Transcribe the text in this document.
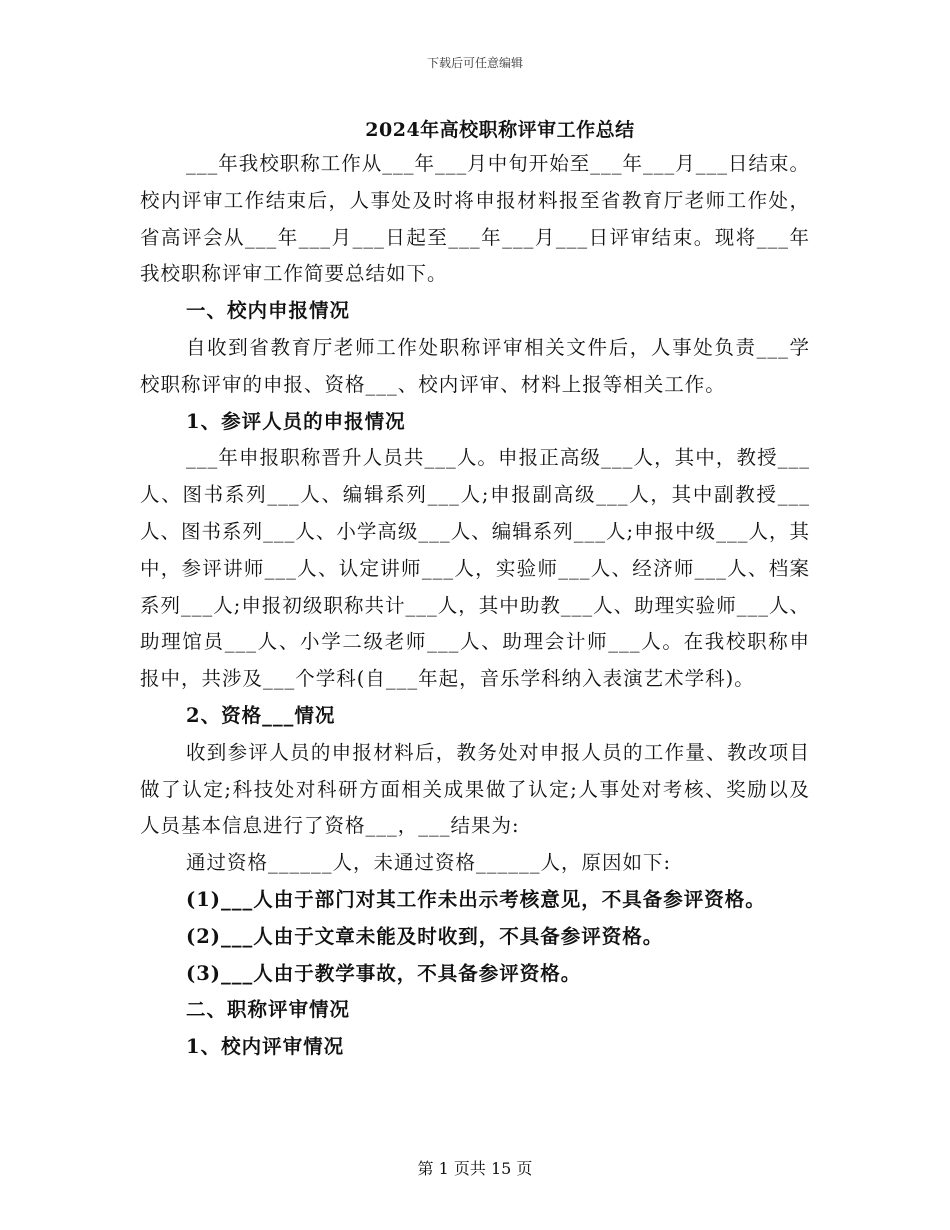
下载后可任意编辑
2024年高校职称评审工作总结

___年我校职称工作从___年___月中旬开始至___年___月___日结束。校内评审工作结束后，人事处及时将申报材料报至省教育厅老师工作处，省高评会从___年___月___日起至___年___月___日评审结束。现将___年我校职称评审工作简要总结如下。

一、校内申报情况

自收到省教育厅老师工作处职称评审相关文件后，人事处负责___学校职称评审的申报、资格___、校内评审、材料上报等相关工作。

1、参评人员的申报情况

___年申报职称晋升人员共___人。申报正高级___人，其中，教授___人、图书系列___人、编辑系列___人;申报副高级___人，其中副教授___人、图书系列___人、小学高级___人、编辑系列___人;申报中级___人，其中，参评讲师___人、认定讲师___人，实验师___人、经济师___人、档案系列___人;申报初级职称共计___人，其中助教___人、助理实验师___人、助理馆员___人、小学二级老师___人、助理会计师___人。在我校职称申报中，共涉及___个学科(自___年起，音乐学科纳入表演艺术学科)。

2、资格___情况

收到参评人员的申报材料后，教务处对申报人员的工作量、教改项目做了认定;科技处对科研方面相关成果做了认定;人事处对考核、奖励以及人员基本信息进行了资格___，___结果为:

通过资格______人，未通过资格______人，原因如下:

(1)___人由于部门对其工作未出示考核意见，不具备参评资格。

(2)___人由于文章未能及时收到，不具备参评资格。

(3)___人由于教学事故，不具备参评资格。

二、职称评审情况

1、校内评审情况

第 1 页共 15 页
